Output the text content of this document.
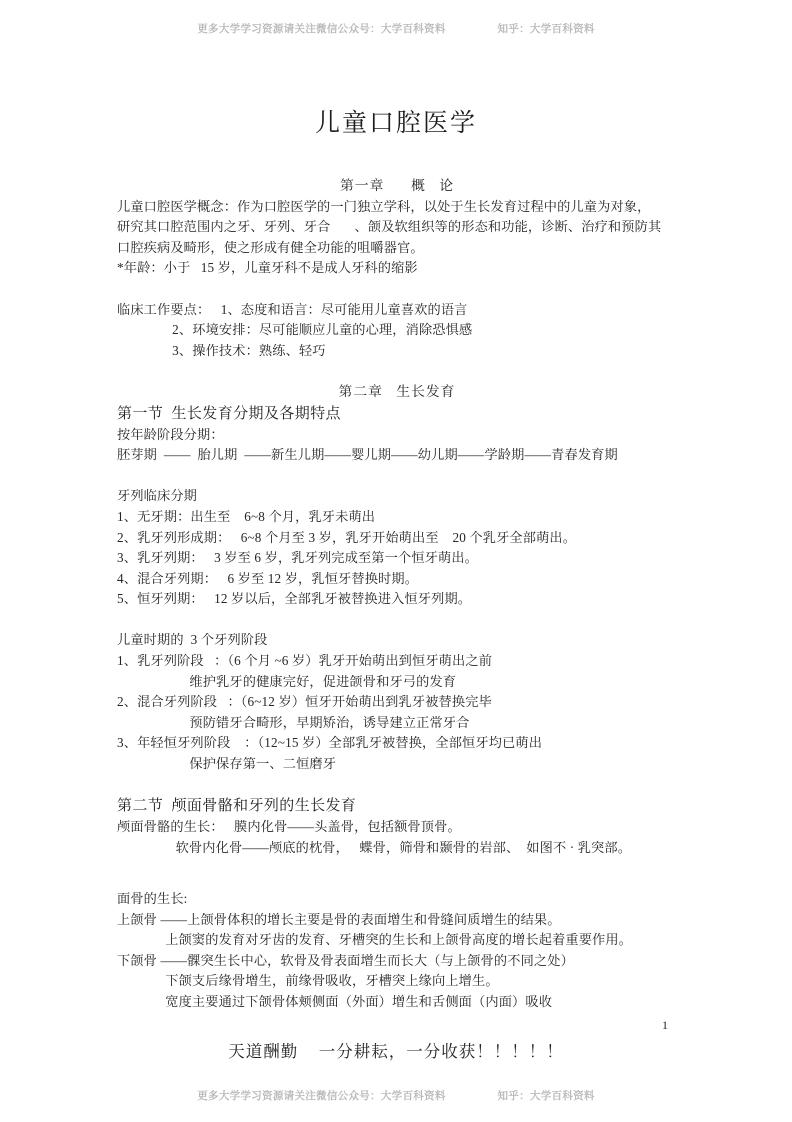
更多大学学习资源请关注微信公众号：大学百科资料	知乎：大学百科资料
儿童口腔医学
第一章      概   论
儿童口腔医学概念：作为口腔医学的一门独立学科，以处于生长发育过程中的儿童为对象，
研究其口腔范围内之牙、牙列、牙合       、颌及软组织等的形态和功能，诊断、治疗和预防其
口腔疾病及畸形，使之形成有健全功能的咀嚼器官。
*年龄：小于   15 岁，儿童牙科不是成人牙科的缩影
临床工作要点：   1、态度和语言：尽可能用儿童喜欢的语言
2、环境安排：尽可能顺应儿童的心理，消除恐惧感
3、操作技术：熟练、轻巧
第二章   生长发育
第一节  生长发育分期及各期特点
按年龄阶段分期：
胚芽期  ——  胎儿期  ——新生儿期——婴儿期——幼儿期——学龄期——青春发育期
牙列临床分期
1、无牙期：出生至    6~8 个月，乳牙未萌出
2、乳牙列形成期：   6~8 个月至 3 岁，乳牙开始萌出至    20 个乳牙全部萌出。
3、乳牙列期：   3 岁至 6 岁，乳牙列完成至第一个恒牙萌出。
4、混合牙列期：   6 岁至 12 岁，乳恒牙替换时期。
5、恒牙列期：   12 岁以后，全部乳牙被替换进入恒牙列期。
儿童时期的  3 个牙列阶段
1、乳牙列阶段   ：（6 个月 ~6 岁）乳牙开始萌出到恒牙萌出之前
维护乳牙的健康完好，促进颌骨和牙弓的发育
2、混合牙列阶段   ：（6~12 岁）恒牙开始萌出到乳牙被替换完毕
预防错牙合畸形，早期矫治，诱导建立正常牙合
3、年轻恒牙列阶段    ：（12~15 岁）全部乳牙被替换，全部恒牙均已萌出
保护保存第一、二恒磨牙
第二节  颅面骨骼和牙列的生长发育
颅面骨骼的生长：   膜内化骨——头盖骨，包括额骨顶骨。
软骨内化骨——颅底的枕骨，   蝶骨，筛骨和颞骨的岩部、  如图不 · 乳突部。
面骨的生长:
上颌骨 ——上颌骨体积的增长主要是骨的表面增生和骨缝间质增生的结果。
上颌窦的发育对牙齿的发育、牙槽突的生长和上颌骨高度的增长起着重要作用。
下颌骨 ——髁突生长中心，软骨及骨表面增生而长大（与上颌骨的不同之处）
下颌支后缘骨增生，前缘骨吸收，牙槽突上缘向上增生。
宽度主要通过下颌骨体颊侧面（外面）增生和舌侧面（内面）吸收
1
天道酬勤    一分耕耘，一分收获！！！！！
更多大学学习资源请关注微信公众号：大学百科资料	知乎：大学百科资料
